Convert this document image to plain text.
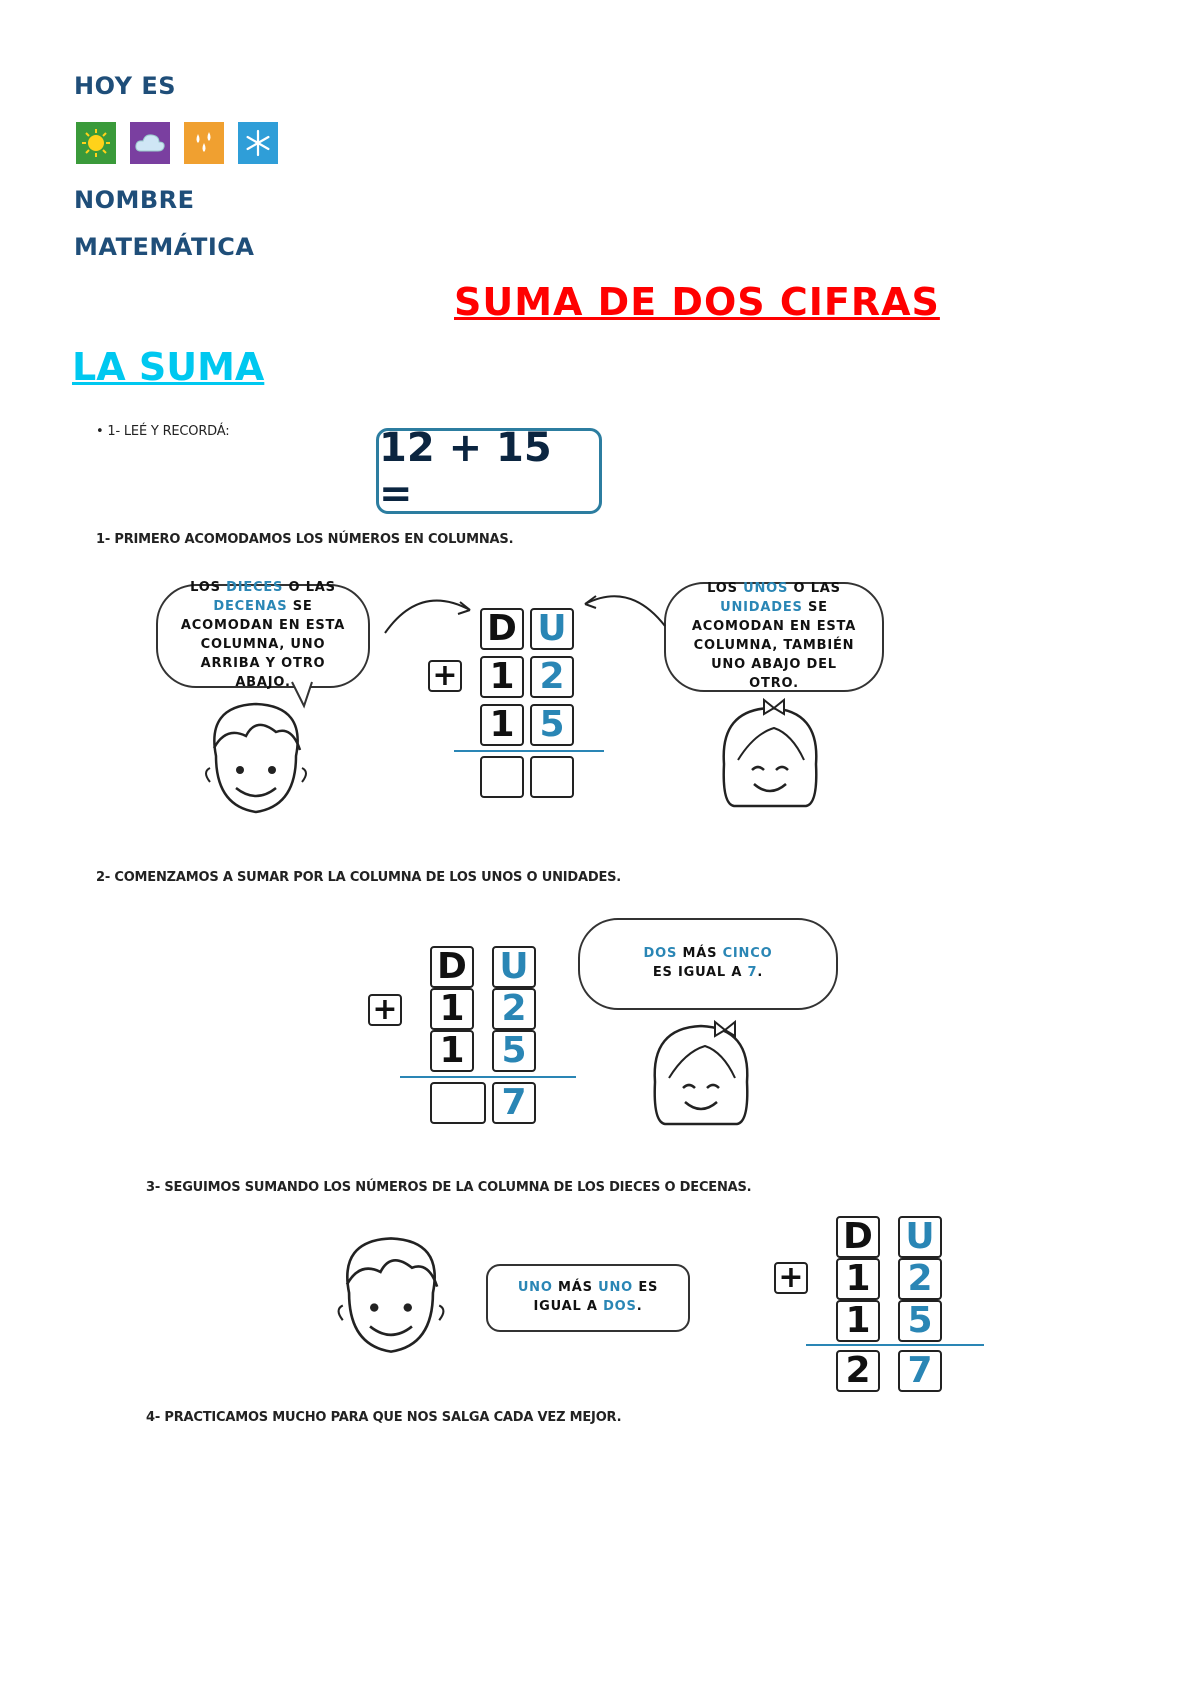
HOY ES
NOMBRE
MATEMÁTICA
SUMA DE DOS CIFRAS
LA SUMA
• 1- LEÉ Y RECORDÁ:	12 + 15 =
1- PRIMERO ACOMODAMOS LOS NÚMEROS EN COLUMNAS.
LOS DIECES O LAS DECENAS SE ACOMODAN EN ESTA COLUMNA, UNO ARRIBA Y OTRO ABAJO.
LOS UNOS O LAS UNIDADES SE ACOMODAN EN ESTA COLUMNA, TAMBIÉN UNO ABAJO DEL OTRO.
D U
+ 1 2
1 5
2- COMENZAMOS A SUMAR POR LA COLUMNA DE LOS UNOS O UNIDADES.
D U
+ 1 2
1 5
7
DOS MÁS CINCO
ES IGUAL A 7.
3- SEGUIMOS SUMANDO LOS NÚMEROS DE LA COLUMNA DE LOS DIECES O DECENAS.
UNO MÁS UNO ES IGUAL A DOS.
D U
+ 1 2
1 5
2 7
4- PRACTICAMOS MUCHO PARA QUE NOS SALGA CADA VEZ MEJOR.
